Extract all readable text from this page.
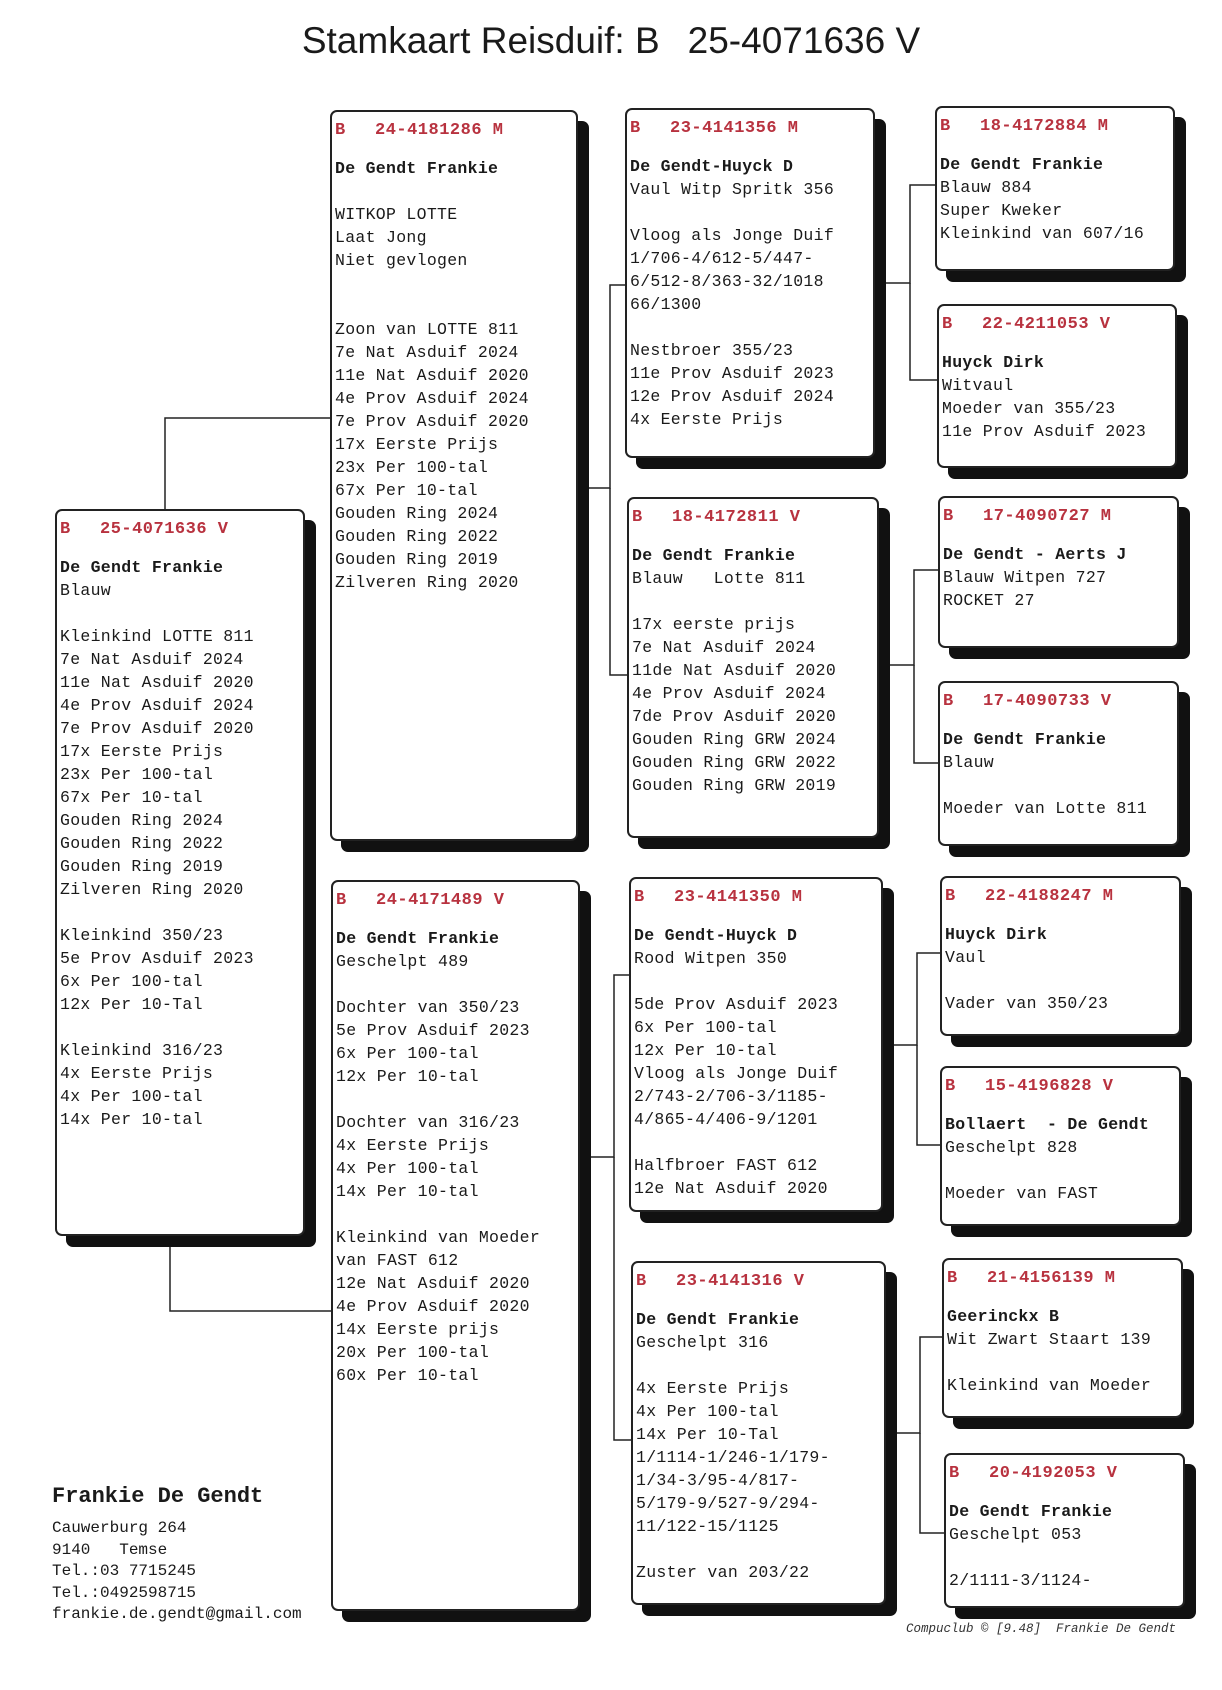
Stamkaart Reisduif: B 25-4071636 V
B 25-4071636 V
De Gendt Frankie
Blauw
Kleinkind LOTTE 811
7e Nat Asduif 2024
11e Nat Asduif 2020
4e Prov Asduif 2024
7e Prov Asduif 2020
17x Eerste Prijs
23x Per 100-tal
67x Per 10-tal
Gouden Ring 2024
Gouden Ring 2022
Gouden Ring 2019
Zilveren Ring 2020
Kleinkind 350/23
5e Prov Asduif 2023
6x Per 100-tal
12x Per 10-Tal
Kleinkind 316/23
4x Eerste Prijs
4x Per 100-tal
14x Per 10-tal
B 24-4181286 M
De Gendt Frankie
WITKOP LOTTE
Laat Jong
Niet gevlogen
Zoon van LOTTE 811
7e Nat Asduif 2024
11e Nat Asduif 2020
4e Prov Asduif 2024
7e Prov Asduif 2020
17x Eerste Prijs
23x Per 100-tal
67x Per 10-tal
Gouden Ring 2024
Gouden Ring 2022
Gouden Ring 2019
Zilveren Ring 2020
B 24-4171489 V
De Gendt Frankie
Geschelpt 489
Dochter van 350/23
5e Prov Asduif 2023
6x Per 100-tal
12x Per 10-tal
Dochter van 316/23
4x Eerste Prijs
4x Per 100-tal
14x Per 10-tal
Kleinkind van Moeder
van FAST 612
12e Nat Asduif 2020
4e Prov Asduif 2020
14x Eerste prijs
20x Per 100-tal
60x Per 10-tal
B 23-4141356 M
De Gendt-Huyck D
Vaul Witp Spritk 356
Vloog als Jonge Duif
1/706-4/612-5/447-
6/512-8/363-32/1018
66/1300
Nestbroer 355/23
11e Prov Asduif 2023
12e Prov Asduif 2024
4x Eerste Prijs
B 18-4172811 V
De Gendt Frankie
Blauw   Lotte 811
17x eerste prijs
7e Nat Asduif 2024
11de Nat Asduif 2020
4e Prov Asduif 2024
7de Prov Asduif 2020
Gouden Ring GRW 2024
Gouden Ring GRW 2022
Gouden Ring GRW 2019
B 23-4141350 M
De Gendt-Huyck D
Rood Witpen 350
5de Prov Asduif 2023
6x Per 100-tal
12x Per 10-tal
Vloog als Jonge Duif
2/743-2/706-3/1185-
4/865-4/406-9/1201
Halfbroer FAST 612
12e Nat Asduif 2020
B 23-4141316 V
De Gendt Frankie
Geschelpt 316
4x Eerste Prijs
4x Per 100-tal
14x Per 10-Tal
1/1114-1/246-1/179-
1/34-3/95-4/817-
5/179-9/527-9/294-
11/122-15/1125
Zuster van 203/22
B 18-4172884 M
De Gendt Frankie
Blauw 884
Super Kweker
Kleinkind van 607/16
B 22-4211053 V
Huyck Dirk
Witvaul
Moeder van 355/23
11e Prov Asduif 2023
B 17-4090727 M
De Gendt - Aerts J
Blauw Witpen 727
ROCKET 27
B 17-4090733 V
De Gendt Frankie
Blauw
Moeder van Lotte 811
B 22-4188247 M
Huyck Dirk
Vaul
Vader van 350/23
B 15-4196828 V
Bollaert  - De Gendt
Geschelpt 828
Moeder van FAST
B 21-4156139 M
Geerinckx B
Wit Zwart Staart 139
Kleinkind van Moeder
B 20-4192053 V
De Gendt Frankie
Geschelpt 053
2/1111-3/1124-
Frankie De Gendt
Cauwerburg 264
9140   Temse
Tel.:03 7715245
Tel.:0492598715
frankie.de.gendt@gmail.com
Compuclub © [9.48]  Frankie De Gendt
